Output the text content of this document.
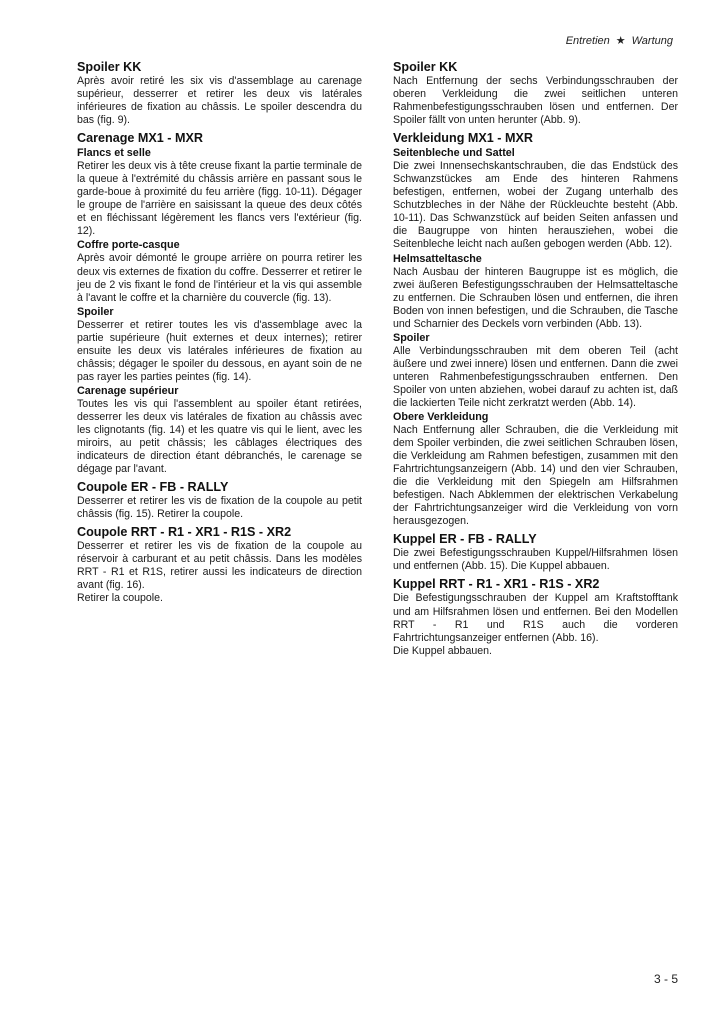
Entretien ★ Wartung
Spoiler KK

Après avoir retiré les six vis d'assemblage au carenage supérieur, desserrer et retirer les deux vis latérales inférieures de fixation au châssis. Le spoiler descendra du bas (fig. 9).

Carenage MX1 - MXR
Flancs et selle

Retirer les deux vis à tête creuse fixant la partie terminale de la queue à l'extrémité du châssis arrière en passant sous le garde-boue à proximité du feu arrière (figg. 10-11). Dégager le groupe de l'arrière en saisissant la queue des deux côtés et en fléchissant légèrement les flancs vers l'extérieur (fig. 12).

Coffre porte-casque

Après avoir démonté le groupe arrière on pourra retirer les deux vis externes de fixation du coffre. Desserrer et retirer le jeu de 2 vis fixant le fond de l'intérieur et la vis qui assemble à l'avant le coffre et la charnière du couvercle (fig. 13).

Spoiler

Desserrer et retirer toutes les vis d'assemblage avec la partie supérieure (huit externes et deux internes); retirer ensuite les deux vis latérales inférieures de fixation au châssis; dégager le spoiler du dessous, en ayant soin de ne pas rayer les parties peintes (fig. 14).

Carenage supérieur

Toutes les vis qui l'assemblent au spoiler étant retirées, desserrer les deux vis latérales de fixation au châssis avec les clignotants (fig. 14) et les quatre vis qui le lient, avec les miroirs, au petit châssis; les câblages électriques des indicateurs de direction étant débranchés, le carenage se dégage par l'avant.

Coupole ER - FB - RALLY

Desserrer et retirer les vis de fixation de la coupole au petit châssis (fig. 15). Retirer la coupole.

Coupole RRT - R1 - XR1 - R1S - XR2

Desserrer et retirer les vis de fixation de la coupole au réservoir à carburant et au petit châssis. Dans les modèles RRT - R1 et R1S, retirer aussi les indicateurs de direction avant (fig. 16).

Retirer la coupole.

Spoiler KK

Nach Entfernung der sechs Verbindungsschrauben der oberen Verkleidung die zwei seitlichen unteren Rahmenbefestigungsschrauben lösen und entfernen. Der Spoiler fällt von unten herunter (Abb. 9).

Verkleidung MX1 - MXR
Seitenbleche und Sattel

Die zwei Innensechskantschrauben, die das Endstück des Schwanzstückes am Ende des hinteren Rahmens befestigen, entfernen, wobei der Zugang unterhalb des Schutzbleches in der Nähe der Rückleuchte besteht (Abb. 10-11). Das Schwanzstück auf beiden Seiten anfassen und die Baugruppe von hinten herausziehen, wobei die Seitenbleche leicht nach außen gebogen werden (Abb. 12).

Helmsatteltasche

Nach Ausbau der hinteren Baugruppe ist es möglich, die zwei äußeren Befestigungsschrauben der Helmsatteltasche zu entfernen. Die Schrauben lösen und entfernen, die ihren Boden von innen befestigen, und die Schrauben, die Tasche und Scharnier des Deckels vorn verbinden (Abb. 13).

Spoiler

Alle Verbindungsschrauben mit dem oberen Teil (acht äußere und zwei innere) lösen und entfernen. Dann die zwei unteren Rahmenbefestigungsschrauben entfernen. Den Spoiler von unten abziehen, wobei darauf zu achten ist, daß die lackierten Teile nicht zerkratzt werden (Abb. 14).

Obere Verkleidung

Nach Entfernung aller Schrauben, die die Verkleidung mit dem Spoiler verbinden, die zwei seitlichen Schrauben lösen, die Verkleidung am Rahmen befestigen, zusammen mit den Fahrtrichtungsanzeigern (Abb. 14) und den vier Schrauben, die die Verkleidung mit den Spiegeln am Hilfsrahmen befestigen. Nach Abklemmen der elektrischen Verkabelung der Fahrtrichtungsanzeiger wird die Verkleidung von vorn herausgezogen.

Kuppel ER - FB - RALLY

Die zwei Befestigungsschrauben Kuppel/Hilfsrahmen lösen und entfernen (Abb. 15). Die Kuppel abbauen.

Kuppel RRT - R1 - XR1 - R1S - XR2

Die Befestigungsschrauben der Kuppel am Kraftstofftank und am Hilfsrahmen lösen und entfernen. Bei den Modellen RRT - R1 und R1S auch die vorderen Fahrtrichtungsanzeiger entfernen (Abb. 16).

Die Kuppel abbauen.

3 - 5
